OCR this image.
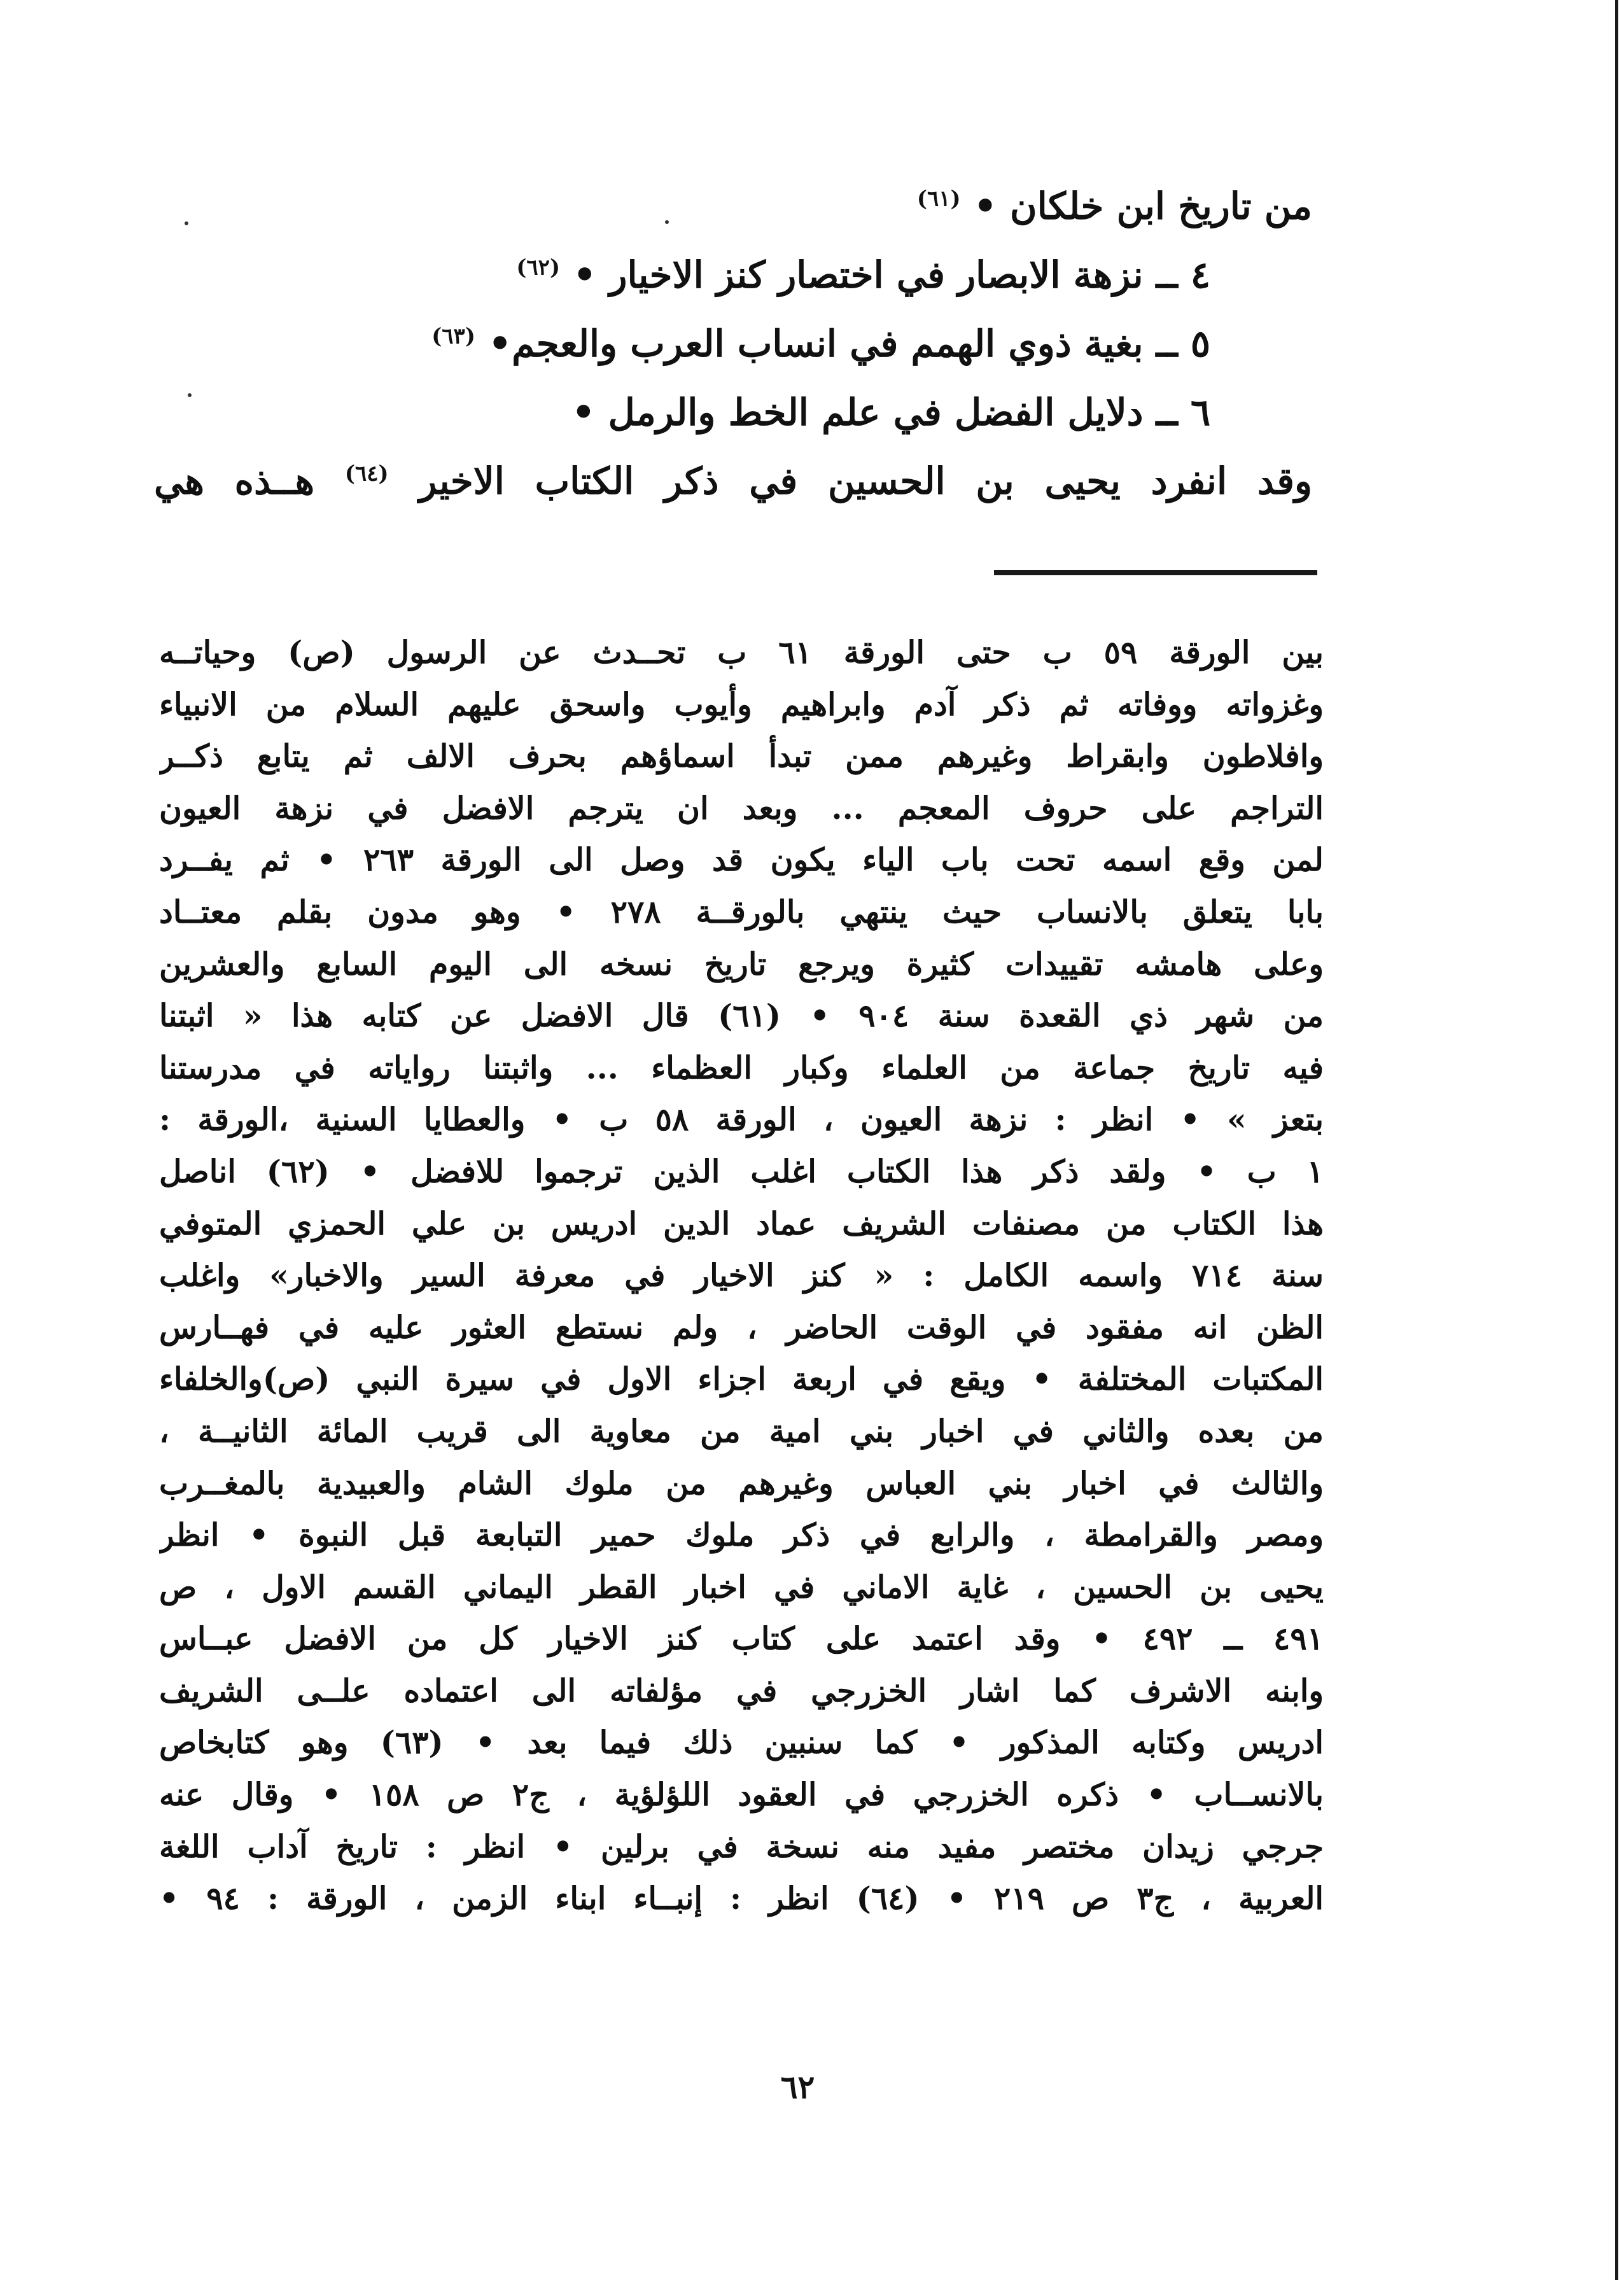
من تاريخ ابن خلكان • $^{(٦١)}$
٤ ــ نزهة الابصار في اختصار كنز الاخيار • $^{(٦٢)}$
٥ ــ بغية ذوي الهمم في انساب العرب والعجم• $^{(٦٣)}$
٦ ــ دلايل الفضل في علم الخط والرمل •
وقد انفرد يحيى بن الحسين في ذكر الكتاب الاخير $^{(٦٤)}$ هــذه هي
بين الورقة ٥٩ ب حتى الورقة ٦١ ب تحــدث عن الرسول (ص) وحياتــه
وغزواته ووفاته ثم ذكر آدم وابراهيم وأيوب واسحق عليهم السلام من الانبياء
وافلاطون وابقراط وغيرهم ممن تبدأ اسماؤهم بحرف الالف ثم يتابع ذكــر
التراجم على حروف المعجم ... وبعد ان يترجم الافضل في نزهة العيون
لمن وقع اسمه تحت باب الياء يكون قد وصل الى الورقة ٢٦٣ • ثم يفــرد
بابا يتعلق بالانساب حيث ينتهي بالورقــة ٢٧٨ • وهو مدون بقلم معتــاد
وعلى هامشه تقييدات كثيرة ويرجع تاريخ نسخه الى اليوم السابع والعشرين
من شهر ذي القعدة سنة ٩٠٤ • (٦١) قال الافضل عن كتابه هذا « اثبتنا
فيه تاريخ جماعة من العلماء وكبار العظماء ... واثبتنا رواياته في مدرستنا
بتعز » • انظر : نزهة العيون ، الورقة ٥٨ ب • والعطايا السنية ،الورقة :
١ ب • ولقد ذكر هذا الكتاب اغلب الذين ترجموا للافضل • (٦٢) اناصل
هذا الكتاب من مصنفات الشريف عماد الدين ادريس بن علي الحمزي المتوفي
سنة ٧١٤ واسمه الكامل : « كنز الاخيار في معرفة السير والاخبار» واغلب
الظن انه مفقود في الوقت الحاضر ، ولم نستطع العثور عليه في فهــارس
المكتبات المختلفة • ويقع في اربعة اجزاء الاول في سيرة النبي (ص)والخلفاء
من بعده والثاني في اخبار بني امية من معاوية الى قريب المائة الثانيــة ،
والثالث في اخبار بني العباس وغيرهم من ملوك الشام والعبيدية بالمغــرب
ومصر والقرامطة ، والرابع في ذكر ملوك حمير التبابعة قبل النبوة • انظر
يحيى بن الحسين ، غاية الاماني في اخبار القطر اليماني القسم الاول ، ص
٤٩١ ــ ٤٩٢ • وقد اعتمد على كتاب كنز الاخيار كل من الافضل عبــاس
وابنه الاشرف كما اشار الخزرجي في مؤلفاته الى اعتماده علــى الشريف
ادريس وكتابه المذكور • كما سنبين ذلك فيما بعد • (٦٣) وهو كتابخاص
بالانســاب • ذكره الخزرجي في العقود اللؤلؤية ، ج٢ ص ١٥٨ • وقال عنه
جرجي زيدان مختصر مفيد منه نسخة في برلين • انظر : تاريخ آداب اللغة
العربية ، ج٣ ص ٢١٩ • (٦٤) انظر : إنبــاء ابناء الزمن ، الورقة : ٩٤ •
٦٢
